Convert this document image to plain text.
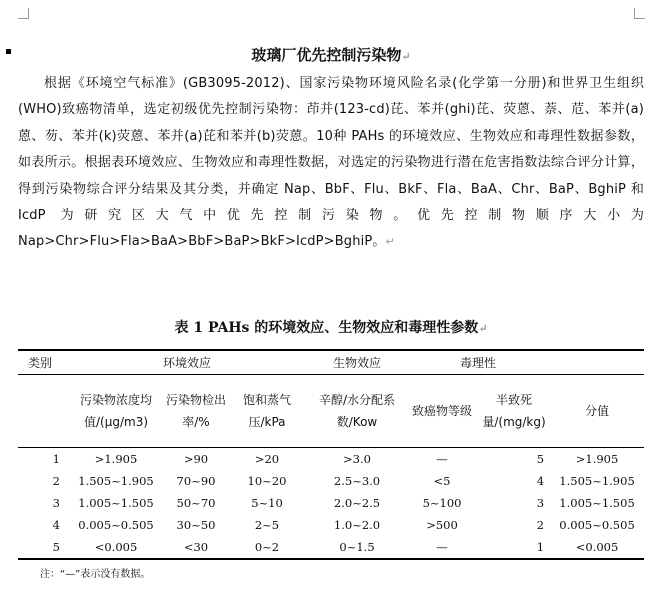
玻璃厂优先控制污染物↵
根据《环境空气标准》(GB3095-2012)、国家污染物环境风险名录(化学第一分册)和世界卫生组织(WHO)致癌物清单，选定初级优先控制污染物：茚并(123-cd)芘、苯并(ghi)芘、荧蒽、萘、苊、苯并(a)蒽、芴、苯并(k)荧蒽、苯并(a)芘和苯并(b)荧蒽。10种 PAHs 的环境效应、生物效应和毒理性数据参数，如表所示。根据表环境效应、生物效应和毒理性数据，对选定的污染物进行潜在危害指数法综合评分计算，得到污染物综合评分结果及其分类，并确定 Nap、BbF、Flu、BkF、Fla、BaA、Chr、BaP、BghiP 和 IcdP 为研究区大气中优先控制污染物。优先控制物顺序大小为 Nap>Chr>Flu>Fla>BaA>BbF>BaP>BkF>IcdP>BghiP。↵
表 1 PAHs 的环境效应、生物效应和毒理性参数↵
类别	环境效应			生物效应	毒理性		
	污染物浓度均值/(μg/m3)	污染物检出率/%	饱和蒸气压/kPa	辛醇/水分配系数/Kow	致癌物等级	半致死量/(mg/kg)	分值
1	>1.905	>90	>20	>3.0	—	5	>1.905
2	1.505~1.905	70~90	10~20	2.5~3.0	<5	4	1.505~1.905
3	1.005~1.505	50~70	5~10	2.0~2.5	5~100	3	1.005~1.505
4	0.005~0.505	30~50	2~5	1.0~2.0	>500	2	0.005~0.505
5	<0.005	<30	0~2	0~1.5	—	1	<0.005
注：“—”表示没有数据。
